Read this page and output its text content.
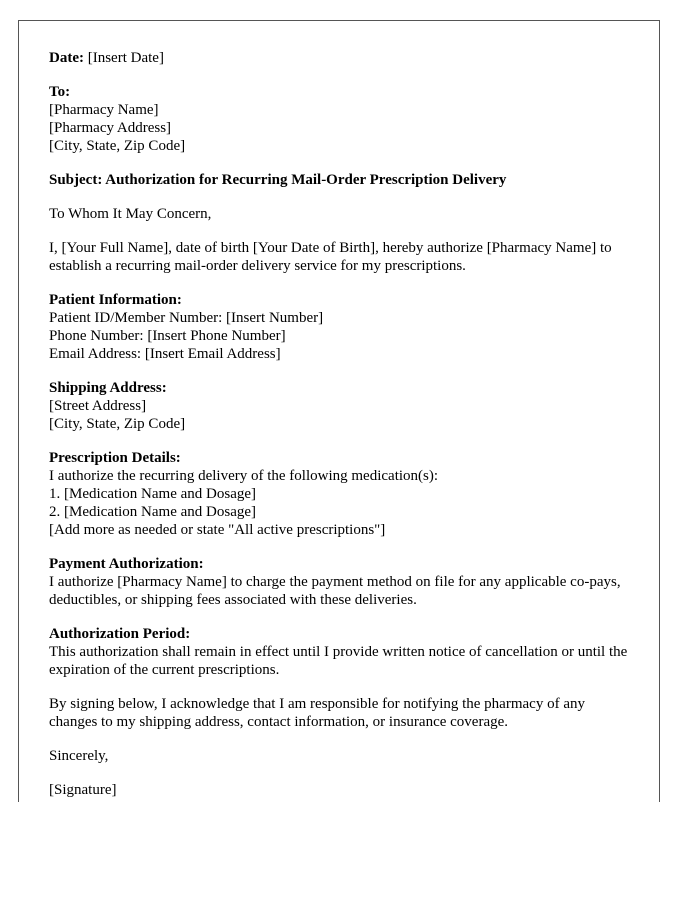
Date: [Insert Date]
To:
[Pharmacy Name]
[Pharmacy Address]
[City, State, Zip Code]
Subject: Authorization for Recurring Mail-Order Prescription Delivery
To Whom It May Concern,
I, [Your Full Name], date of birth [Your Date of Birth], hereby authorize [Pharmacy Name] to establish a recurring mail-order delivery service for my prescriptions.
Patient Information:
Patient ID/Member Number: [Insert Number]
Phone Number: [Insert Phone Number]
Email Address: [Insert Email Address]
Shipping Address:
[Street Address]
[City, State, Zip Code]
Prescription Details:
I authorize the recurring delivery of the following medication(s):
1. [Medication Name and Dosage]
2. [Medication Name and Dosage]
[Add more as needed or state "All active prescriptions"]
Payment Authorization:
I authorize [Pharmacy Name] to charge the payment method on file for any applicable co-pays, deductibles, or shipping fees associated with these deliveries.
Authorization Period:
This authorization shall remain in effect until I provide written notice of cancellation or until the expiration of the current prescriptions.
By signing below, I acknowledge that I am responsible for notifying the pharmacy of any changes to my shipping address, contact information, or insurance coverage.
Sincerely,
[Signature]
